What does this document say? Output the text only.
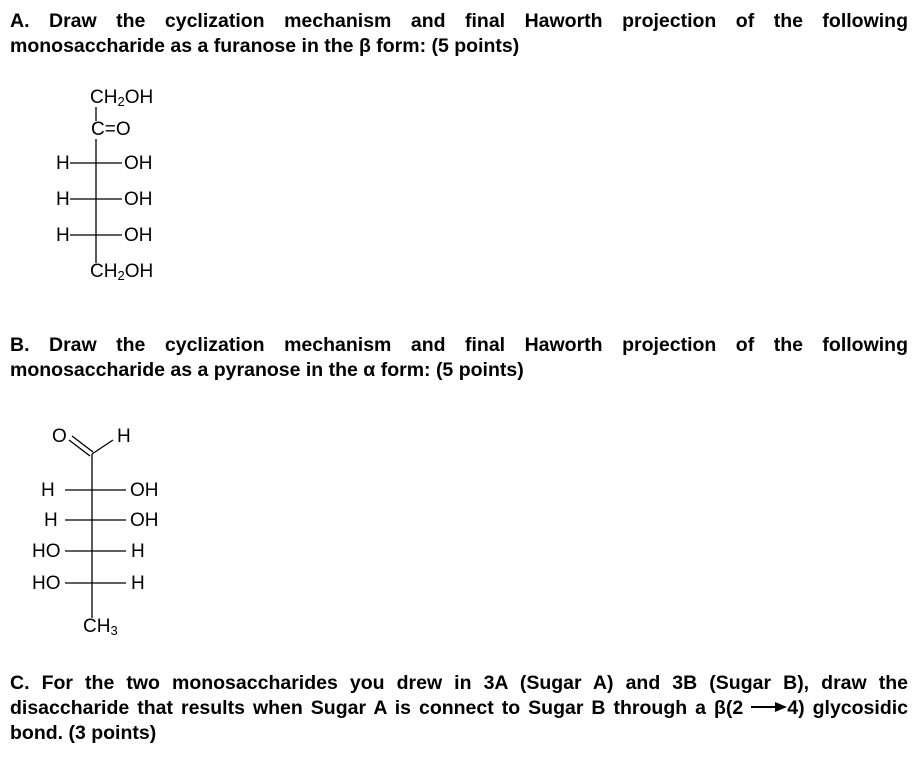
A. Draw the cyclization mechanism and final Haworth projection of the following monosaccharide as a furanose in the β form: (5 points)
$CH_2OH$
C=O
H	OH
H	OH
H	OH
$CH_2OH$
B. Draw the cyclization mechanism and final Haworth projection of the following monosaccharide as a pyranose in the α form: (5 points)
O	H
H	OH
H	OH
HO	H
HO	H
$CH_3$
C. For the two monosaccharides you drew in 3A (Sugar A) and 3B (Sugar B), draw the disaccharide that results when Sugar A is connect to Sugar B through a β(2 4) glycosidic bond. (3 points)
